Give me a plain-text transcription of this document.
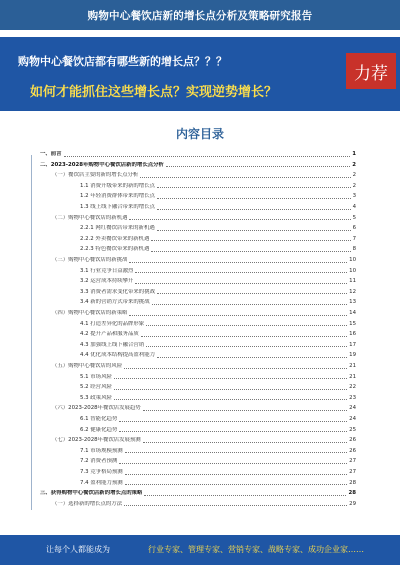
购物中心餐饮店新的增长点分析及策略研究报告
购物中心餐饮店都有哪些新的增长点？？？
如何才能抓住这些增长点？实现逆势增长？
力荐
内容目录
一、前言	1
二、2023-2028年购物中心餐饮店新的增长点分析	2
（一）餐饮店主要的新的增长点分析	2
1.1 消费升级带来的新的增长点	2
1.2 年轻消费群体带来的增长点	3
1.3 线上线下融合带来的增长点	4
（二）购物中心餐饮店的新机遇	5
2.2.1 网红餐饮店带来的新机遇	6
2.2.2 外卖餐饮带来的新机遇	7
2.2.3 特色餐饮带来的新机遇	8
（三）购物中心餐饮店的新挑战	10
3.1 行业竞争日益激烈	10
3.2 运营成本持续攀升	11
3.3 消费者需求变化带来的挑战	12
3.4 新的营销方式带来的挑战	13
（四）购物中心餐饮店的新策略	14
4.1 打造差异化的品牌形象	15
4.2 提升产品和服务品质	16
4.3 加强线上线下融合营销	17
4.4 优化成本结构提高盈利能力	19
（五）购物中心餐饮店的风险	21
5.1 市场风险	21
5.2 经营风险	22
5.3 政策风险	23
（六）2023-2028年餐饮店发展趋势	24
6.1 智能化趋势	24
6.2 健康化趋势	25
（七）2023-2028年餐饮店发展预测	26
7.1 市场规模预测	26
7.2 消费者预测	27
7.3 竞争格局预测	27
7.4 盈利能力预测	28
三、获得购物中心餐饮店新的增长点的策略	28
（一）选择新的增长点的方法	29
让每个人都能成为	行业专家、管理专家、营销专家、战略专家、成功企业家……
